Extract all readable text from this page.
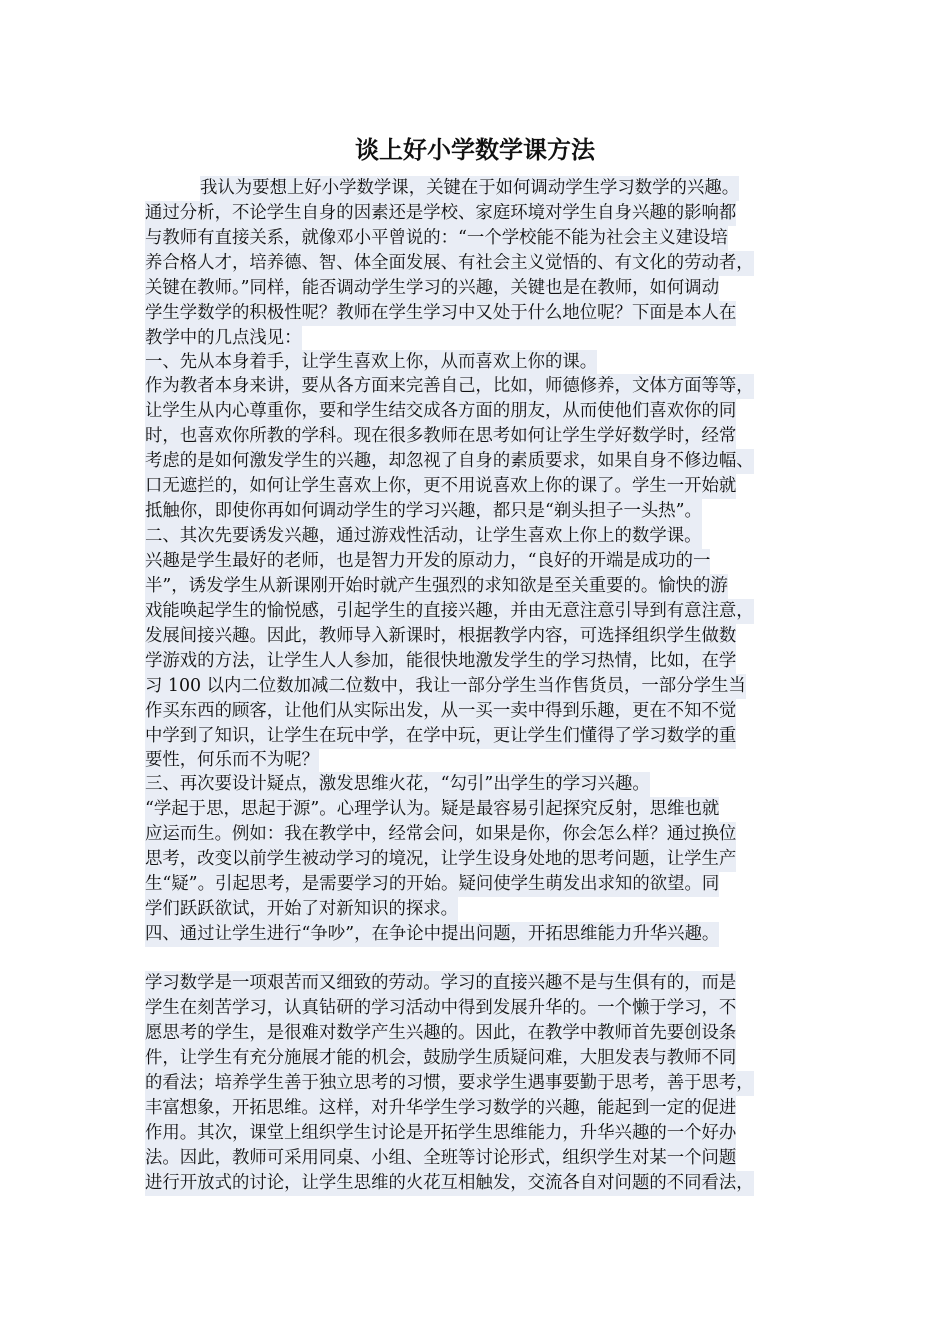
谈上好小学数学课方法
我认为要想上好小学数学课，关键在于如何调动学生学习数学的兴趣。
通过分析，不论学生自身的因素还是学校、家庭环境对学生自身兴趣的影响都
与教师有直接关系，就像邓小平曾说的：“一个学校能不能为社会主义建设培
养合格人才，培养德、智、体全面发展、有社会主义觉悟的、有文化的劳动者，
关键在教师。”同样，能否调动学生学习的兴趣，关键也是在教师，如何调动
学生学数学的积极性呢？教师在学生学习中又处于什么地位呢？下面是本人在
教学中的几点浅见：
一、先从本身着手，让学生喜欢上你，从而喜欢上你的课。
作为教者本身来讲，要从各方面来完善自己，比如，师德修养，文体方面等等，
让学生从内心尊重你，要和学生结交成各方面的朋友，从而使他们喜欢你的同
时，也喜欢你所教的学科。现在很多教师在思考如何让学生学好数学时，经常
考虑的是如何激发学生的兴趣，却忽视了自身的素质要求，如果自身不修边幅、
口无遮拦的，如何让学生喜欢上你，更不用说喜欢上你的课了。学生一开始就
抵触你，即使你再如何调动学生的学习兴趣，都只是“剃头担子一头热”。
二、其次先要诱发兴趣，通过游戏性活动，让学生喜欢上你上的数学课。
兴趣是学生最好的老师，也是智力开发的原动力，“良好的开端是成功的一
半”，诱发学生从新课刚开始时就产生强烈的求知欲是至关重要的。愉快的游
戏能唤起学生的愉悦感，引起学生的直接兴趣，并由无意注意引导到有意注意，
发展间接兴趣。因此，教师导入新课时，根据教学内容，可选择组织学生做数
学游戏的方法，让学生人人参加，能很快地激发学生的学习热情，比如，在学
习 100 以内二位数加减二位数中，我让一部分学生当作售货员，一部分学生当
作买东西的顾客，让他们从实际出发，从一买一卖中得到乐趣，更在不知不觉
中学到了知识，让学生在玩中学，在学中玩，更让学生们懂得了学习数学的重
要性，何乐而不为呢？
三、再次要设计疑点，激发思维火花，“勾引”出学生的学习兴趣。
“学起于思，思起于源”。心理学认为。疑是最容易引起探究反射，思维也就
应运而生。例如：我在教学中，经常会问，如果是你，你会怎么样？通过换位
思考，改变以前学生被动学习的境况，让学生设身处地的思考问题，让学生产
生“疑”。引起思考，是需要学习的开始。疑问使学生萌发出求知的欲望。同
学们跃跃欲试，开始了对新知识的探求。
四、通过让学生进行“争吵”，在争论中提出问题，开拓思维能力升华兴趣。
学习数学是一项艰苦而又细致的劳动。学习的直接兴趣不是与生俱有的，而是
学生在刻苦学习，认真钻研的学习活动中得到发展升华的。一个懒于学习，不
愿思考的学生，是很难对数学产生兴趣的。因此，在教学中教师首先要创设条
件，让学生有充分施展才能的机会，鼓励学生质疑问难，大胆发表与教师不同
的看法；培养学生善于独立思考的习惯，要求学生遇事要勤于思考，善于思考，
丰富想象，开拓思维。这样，对升华学生学习数学的兴趣，能起到一定的促进
作用。其次，课堂上组织学生讨论是开拓学生思维能力，升华兴趣的一个好办
法。因此，教师可采用同桌、小组、全班等讨论形式，组织学生对某一个问题
进行开放式的讨论，让学生思维的火花互相触发，交流各自对问题的不同看法，
